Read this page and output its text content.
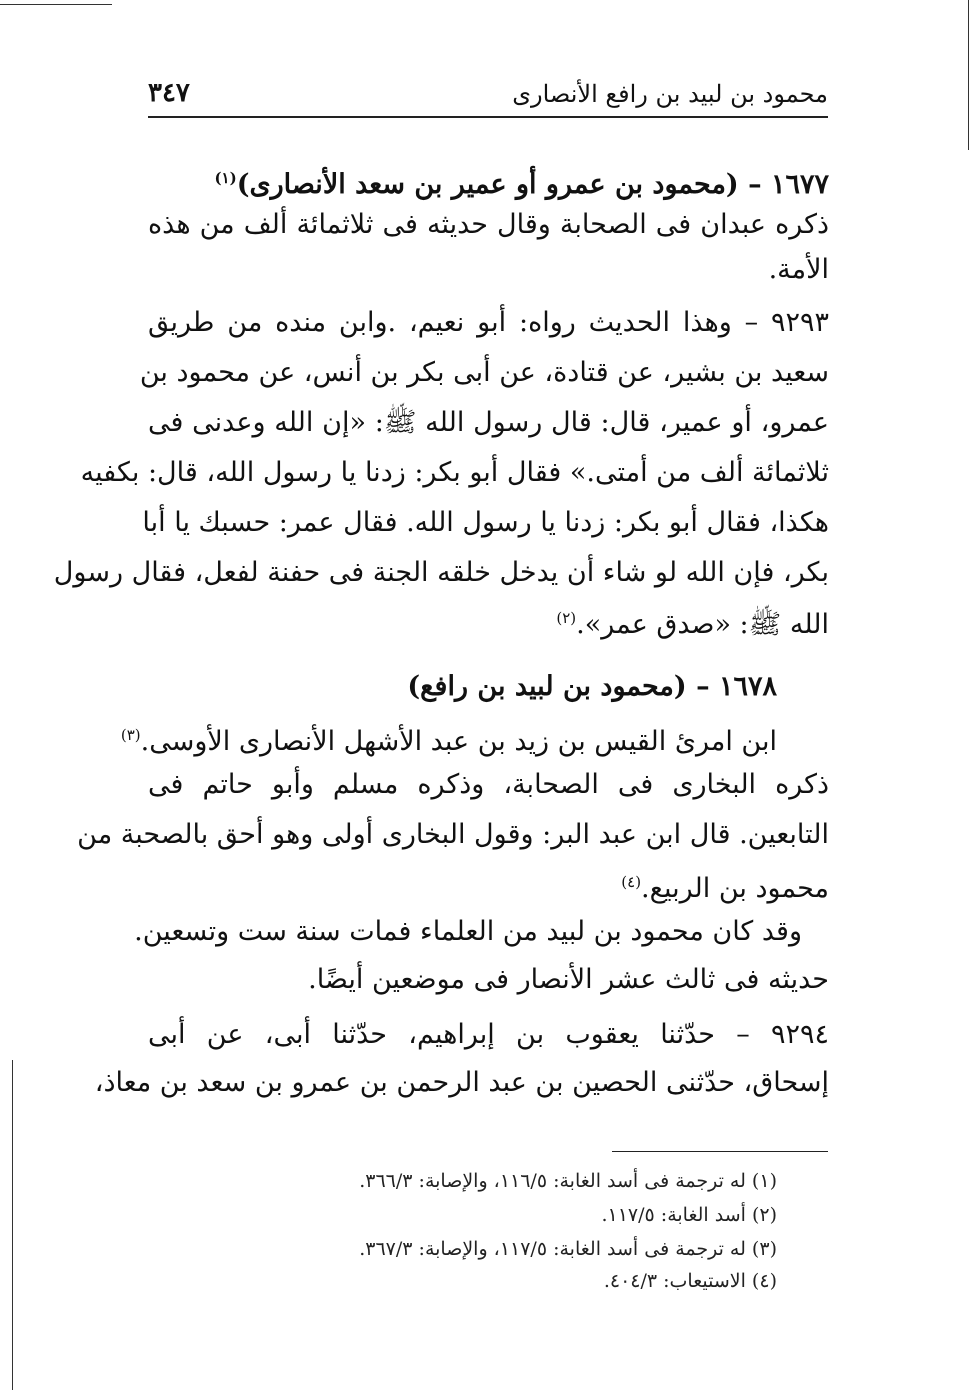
محمود بن لبيد بن رافع الأنصارى
٣٤٧
١٦٧٧ – (محمود بن عمرو أو عمير بن سعد الأنصارى)$^{(١)}$
ذكره عبدان فى الصحابة وقال حديثه فى ثلاثمائة ألف من هذه
الأمة.
٩٢٩٣ – وهذا الحديث رواه: أبو نعيم، .وابن منده من طريق
سعيد بن بشير، عن قتادة، عن أبى بكر بن أنس، عن محمود بن
عمرو، أو عمير، قال: قال رسول الله ﷺ: «إن الله وعدنى فى
ثلاثمائة ألف من أمتى.» فقال أبو بكر: زدنا يا رسول الله، قال: بكفيه
هكذا، فقال أبو بكر: زدنا يا رسول الله. فقال عمر: حسبك يا أبا
بكر، فإن الله لو شاء أن يدخل خلقه الجنة فى حفنة لفعل، فقال رسول
الله ﷺ: «صدق عمر».$^{(٢)}$
١٦٧٨ – (محمود بن لبيد بن رافع)
ابن امرئ القيس بن زيد بن عبد الأشهل الأنصارى الأوسى.$^{(٣)}$
ذكره البخارى فى الصحابة، وذكره مسلم وأبو حاتم فى
التابعين. قال ابن عبد البر: وقول البخارى أولى وهو أحق بالصحبة من
محمود بن الربيع.$^{(٤)}$
وقد كان محمود بن لبيد من العلماء فمات سنة ست وتسعين.
حديثه فى ثالث عشر الأنصار فى موضعين أيضًا.
٩٢٩٤ – حدّثنا يعقوب بن إبراهيم، حدّثنا أبى، عن أبى
إسحاق، حدّثنى الحصين بن عبد الرحمن بن عمرو بن سعد بن معاذ،
(١) له ترجمة فى أسد الغابة: ١١٦/٥، والإصابة: ٣٦٦/٣.
(٢) أسد الغابة: ١١٧/٥.
(٣) له ترجمة فى أسد الغابة: ١١٧/٥، والإصابة: ٣٦٧/٣.
(٤) الاستيعاب: ٤٠٤/٣.
